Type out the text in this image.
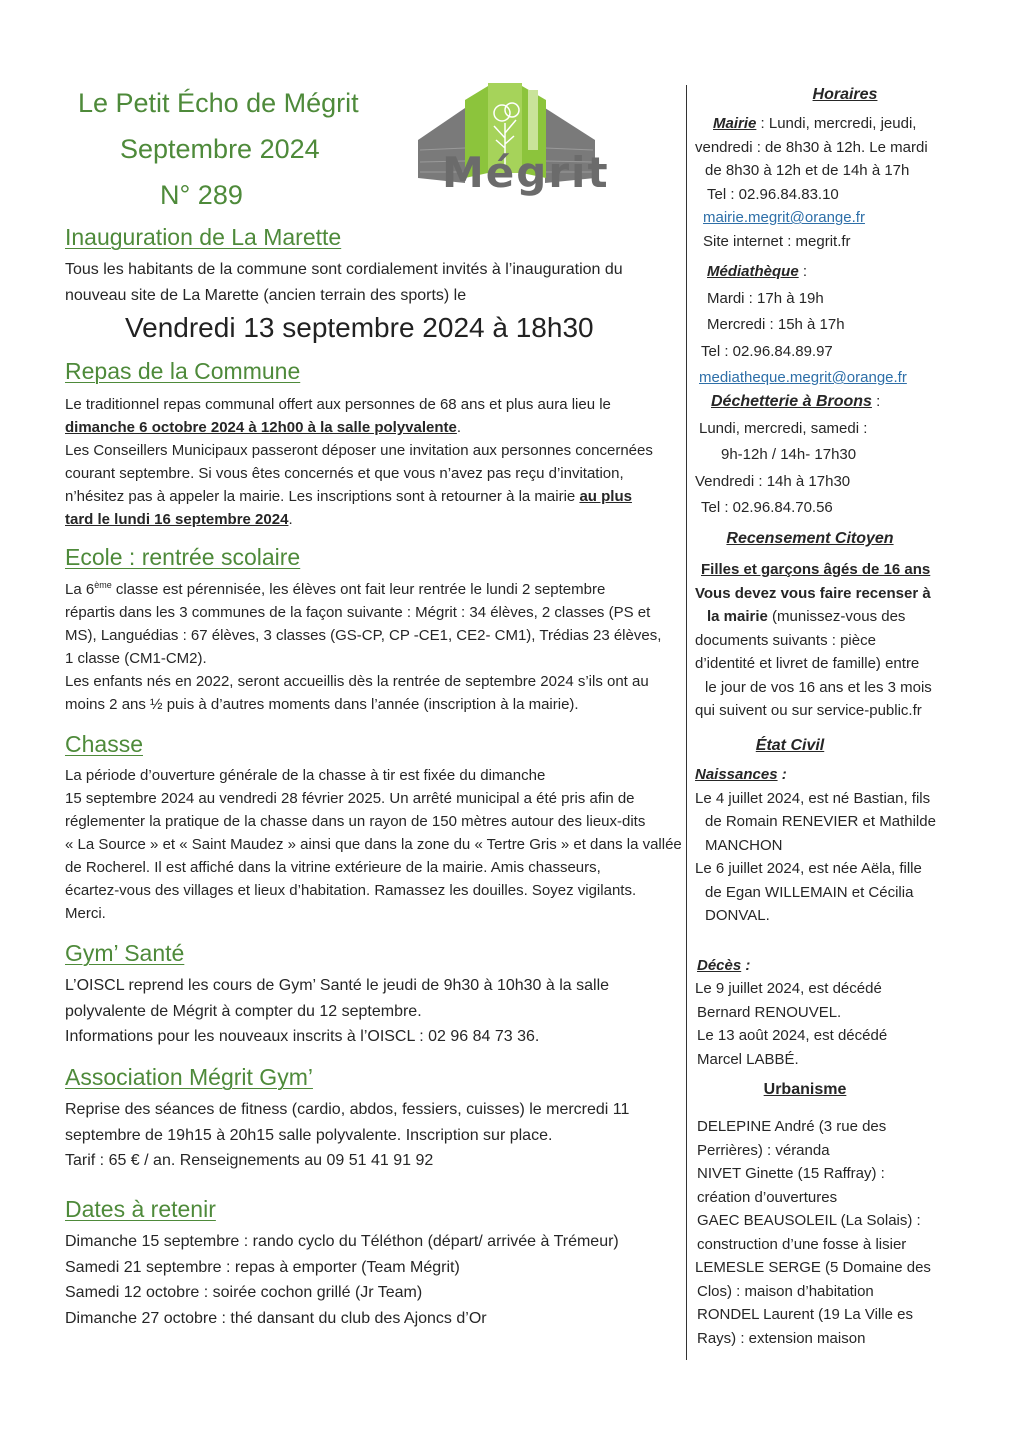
Le Petit Écho de Mégrit
Septembre 2024
N° 289	Mégrit
Inauguration de La Marette
Tous les habitants de la commune sont cordialement invités à l’inauguration du
nouveau site de La Marette (ancien terrain des sports) le
Vendredi 13 septembre 2024 à 18h30
Repas de la Commune
Le traditionnel repas communal offert aux personnes de 68 ans et plus aura lieu le
dimanche 6 octobre 2024 à 12h00 à la salle polyvalente.
Les Conseillers Municipaux passeront déposer une invitation aux personnes concernées
courant septembre. Si vous êtes concernés et que vous n’avez pas reçu d’invitation,
n’hésitez pas à appeler la mairie. Les inscriptions sont à retourner à la mairie au plus
tard le lundi 16 septembre 2024.
Ecole : rentrée scolaire
La 6ème classe est pérennisée, les élèves ont fait leur rentrée le lundi 2 septembre
répartis dans les 3 communes de la façon suivante : Mégrit : 34 élèves, 2 classes (PS et
MS), Languédias : 67 élèves, 3 classes (GS-CP, CP -CE1, CE2- CM1), Trédias 23 élèves,
1 classe (CM1-CM2).
Les enfants nés en 2022, seront accueillis dès la rentrée de septembre 2024 s’ils ont au
moins 2 ans ½ puis à d’autres moments dans l’année (inscription à la mairie).
Chasse
La période d’ouverture générale de la chasse à tir est fixée du dimanche
15 septembre 2024 au vendredi 28 février 2025. Un arrêté municipal a été pris afin de
réglementer la pratique de la chasse dans un rayon de 150 mètres autour des lieux-dits
« La Source » et « Saint Maudez » ainsi que dans la zone du « Tertre Gris » et dans la vallée
de Rocherel. Il est affiché dans la vitrine extérieure de la mairie. Amis chasseurs,
écartez-vous des villages et lieux d’habitation. Ramassez les douilles. Soyez vigilants.
Merci.
Gym’ Santé
L’OISCL reprend les cours de Gym’ Santé le jeudi de 9h30 à 10h30 à la salle
polyvalente de Mégrit à compter du 12 septembre.
Informations pour les nouveaux inscrits à l’OISCL : 02 96 84 73 36.
Association Mégrit Gym’
Reprise des séances de fitness (cardio, abdos, fessiers, cuisses) le mercredi 11
septembre de 19h15 à 20h15 salle polyvalente. Inscription sur place.
Tarif : 65 € / an. Renseignements au 09 51 41 91 92
Dates à retenir
Dimanche 15 septembre : rando cyclo du Téléthon (départ/ arrivée à Trémeur)
Samedi 21 septembre : repas à emporter (Team Mégrit)
Samedi 12 octobre : soirée cochon grillé (Jr Team)
Dimanche 27 octobre : thé dansant du club des Ajoncs d’Or
Horaires
Mairie : Lundi, mercredi, jeudi,
vendredi : de 8h30 à 12h. Le mardi
de 8h30 à 12h et de 14h à 17h
Tel : 02.96.84.83.10
mairie.megrit@orange.fr
Site internet : megrit.fr
Médiathèque :
Mardi : 17h à 19h
Mercredi : 15h à 17h
Tel : 02.96.84.89.97
mediatheque.megrit@orange.fr
Déchetterie à Broons :
Lundi, mercredi, samedi :
9h-12h / 14h- 17h30
Vendredi : 14h à 17h30
Tel : 02.96.84.70.56
Recensement Citoyen
Filles et garçons âgés de 16 ans
Vous devez vous faire recenser à
la mairie (munissez-vous des
documents suivants : pièce
d’identité et livret de famille) entre
le jour de vos 16 ans et les 3 mois
qui suivent ou sur service-public.fr
État Civil
Naissances :
Le 4 juillet 2024, est né Bastian, fils
de Romain RENEVIER et Mathilde
MANCHON
Le 6 juillet 2024, est née Aëla, fille
de Egan WILLEMAIN et Cécilia
DONVAL.
Décès :
Le 9 juillet 2024, est décédé
Bernard RENOUVEL.
Le 13 août 2024, est décédé
Marcel LABBÉ.
Urbanisme
DELEPINE André (3 rue des
Perrières) : véranda
NIVET Ginette (15 Raffray) :
création d’ouvertures
GAEC BEAUSOLEIL (La Solais) :
construction d’une fosse à lisier
LEMESLE SERGE (5 Domaine des
Clos) : maison d’habitation
RONDEL Laurent (19 La Ville es
Rays) : extension maison
